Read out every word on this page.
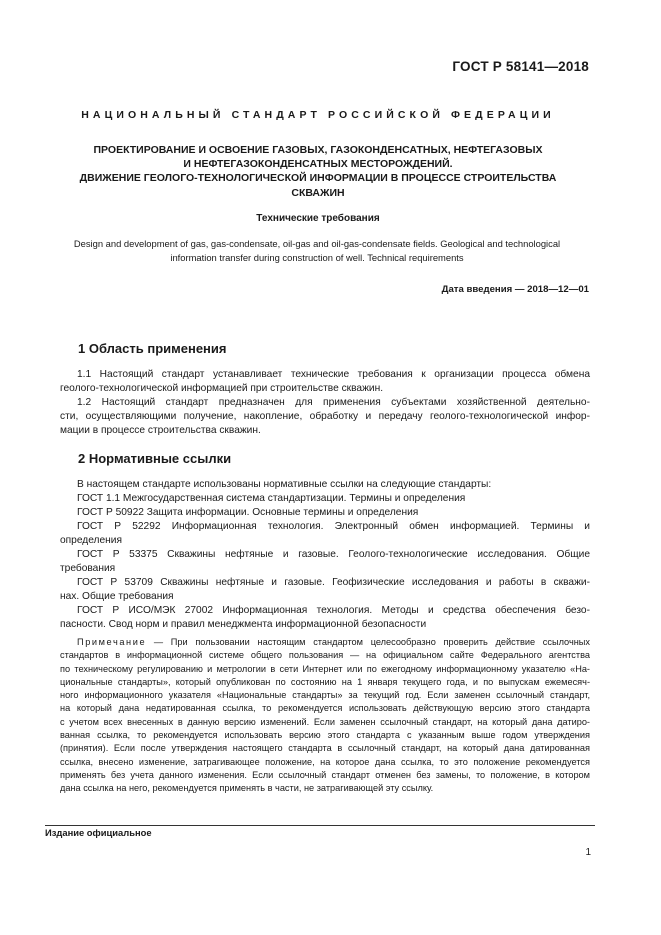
ГОСТ Р 58141—2018
НАЦИОНАЛЬНЫЙ СТАНДАРТ РОССИЙСКОЙ ФЕДЕРАЦИИ
ПРОЕКТИРОВАНИЕ И ОСВОЕНИЕ ГАЗОВЫХ, ГАЗОКОНДЕНСАТНЫХ, НЕФТЕГАЗОВЫХ
И НЕФТЕГАЗОКОНДЕНСАТНЫХ МЕСТОРОЖДЕНИЙ.
ДВИЖЕНИЕ ГЕОЛОГО-ТЕХНОЛОГИЧЕСКОЙ ИНФОРМАЦИИ В ПРОЦЕССЕ СТРОИТЕЛЬСТВА
СКВАЖИН
Технические требования
Design and development of gas, gas-condensate, oil-gas and oil-gas-condensate fields. Geological and technological
information transfer during construction of well. Technical requirements
Дата введения — 2018—12—01
1 Область применения
1.1 Настоящий стандарт устанавливает технические требования к организации процесса обмена
геолого-технологической информацией при строительстве скважин.
1.2 Настоящий стандарт предназначен для применения субъектами хозяйственной деятельно-
сти, осуществляющими получение, накопление, обработку и передачу геолого-технологической инфор-
мации в процессе строительства скважин.
2 Нормативные ссылки
В настоящем стандарте использованы нормативные ссылки на следующие стандарты:
ГОСТ 1.1 Межгосударственная система стандартизации. Термины и определения
ГОСТ Р 50922 Защита информации. Основные термины и определения
ГОСТ Р 52292 Информационная технология. Электронный обмен информацией. Термины и
определения
ГОСТ Р 53375 Скважины нефтяные и газовые. Геолого-технологические исследования. Общие
требования
ГОСТ Р 53709 Скважины нефтяные и газовые. Геофизические исследования и работы в скважи-
нах. Общие требования
ГОСТ Р ИСО/МЭК 27002 Информационная технология. Методы и средства обеспечения безо-
пасности. Свод норм и правил менеджмента информационной безопасности
Примечание — При пользовании настоящим стандартом целесообразно проверить действие ссылочных
стандартов в информационной системе общего пользования — на официальном сайте Федерального агентства
по техническому регулированию и метрологии в сети Интернет или по ежегодному информационному указателю «На-
циональные стандарты», который опубликован по состоянию на 1 января текущего года, и по выпускам ежемесяч-
ного информационного указателя «Национальные стандарты» за текущий год. Если заменен ссылочный стандарт,
на который дана недатированная ссылка, то рекомендуется использовать действующую версию этого стандарта
с учетом всех внесенных в данную версию изменений. Если заменен ссылочный стандарт, на который дана датиро-
ванная ссылка, то рекомендуется использовать версию этого стандарта с указанным выше годом утверждения
(принятия). Если после утверждения настоящего стандарта в ссылочный стандарт, на который дана датированная
ссылка, внесено изменение, затрагивающее положение, на которое дана ссылка, то это положение рекомендуется
применять без учета данного изменения. Если ссылочный стандарт отменен без замены, то положение, в котором
дана ссылка на него, рекомендуется применять в части, не затрагивающей эту ссылку.
Издание официальное
1
